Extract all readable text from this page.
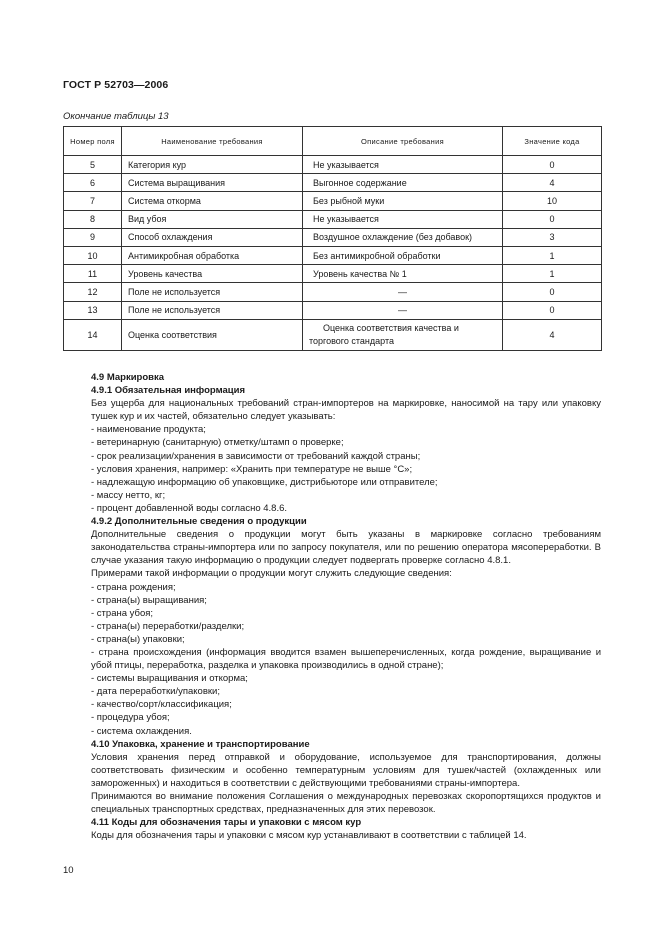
ГОСТ Р 52703—2006
Окончание таблицы 13
Номер поля	Наименование требования	Описание требования	Значение кода
5	Категория кур	Не указывается	0
6	Система выращивания	Выгонное содержание	4
7	Система откорма	Без рыбной муки	10
8	Вид убоя	Не указывается	0
9	Способ охлаждения	Воздушное охлаждение (без добавок)	3
10	Антимикробная обработка	Без антимикробной обработки	1
11	Уровень качества	Уровень качества № 1	1
12	Поле не используется	—	0
13	Поле не используется	—	0
14	Оценка соответствия	Оценка соответствия качества и торгового стандарта	4

4.9 Маркировка

4.9.1 Обязательная информация

Без ущерба для национальных требований стран-импортеров на маркировке, наносимой на тару или упаковку тушек кур и их частей, обязательно следует указывать:

- наименование продукта;

- ветеринарную (санитарную) отметку/штамп о проверке;

- срок реализации/хранения в зависимости от требований каждой страны;

- условия хранения, например: «Хранить при температуре не выше °С»;

- надлежащую информацию об упаковщике, дистрибьюторе или отправителе;

- массу нетто, кг;

- процент добавленной воды согласно 4.8.6.

4.9.2 Дополнительные сведения о продукции

Дополнительные сведения о продукции могут быть указаны в маркировке согласно требованиям законодательства страны-импортера или по запросу покупателя, или по решению оператора мясопереработки. В случае указания такую информацию о продукции следует подвергать проверке согласно 4.8.1.

Примерами такой информации о продукции могут служить следующие сведения:

- страна рождения;

- страна(ы) выращивания;

- страна убоя;

- страна(ы) переработки/разделки;

- страна(ы) упаковки;

- страна происхождения (информация вводится взамен вышеперечисленных, когда рождение, выращивание и убой птицы, переработка, разделка и упаковка производились в одной стране);

- системы выращивания и откорма;

- дата переработки/упаковки;

- качество/сорт/классификация;

- процедура убоя;

- система охлаждения.

4.10 Упаковка, хранение и транспортирование

Условия хранения перед отправкой и оборудование, используемое для транспортирования, должны соответствовать физическим и особенно температурным условиям для тушек/частей (охлажденных или замороженных) и находиться в соответствии с действующими требованиями страны-импортера.

Принимаются во внимание положения Соглашения о международных перевозках скоропортящихся продуктов и специальных транспортных средствах, предназначенных для этих перевозок.

4.11 Коды для обозначения тары и упаковки с мясом кур

Коды для обозначения тары и упаковки с мясом кур устанавливают в соответствии с таблицей 14.

10
